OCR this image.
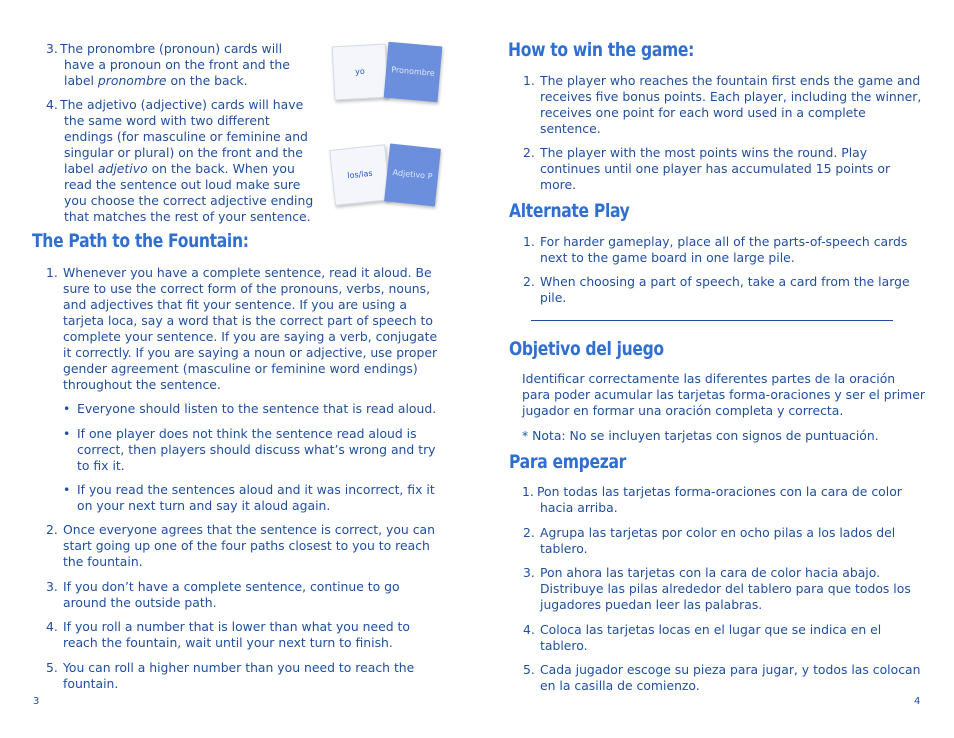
3. The pronombre (pronoun) cards will
have a pronoun on the front and the
label pronombre on the back.
4. The adjetivo (adjective) cards will have
the same word with two different
endings (for masculine or feminine and
singular or plural) on the front and the
label adjetivo on the back. When you
read the sentence out loud make sure
you choose the correct adjective ending
that matches the rest of your sentence.
yo	Pronombre
los/las Adjetivo P
The Path to the Fountain:
1. Whenever you have a complete sentence, read it aloud. Be
sure to use the correct form of the pronouns, verbs, nouns,
and adjectives that fit your sentence. If you are using a
tarjeta loca, say a word that is the correct part of speech to
complete your sentence. If you are saying a verb, conjugate
it correctly. If you are saying a noun or adjective, use proper
gender agreement (masculine or feminine word endings)
throughout the sentence.
• Everyone should listen to the sentence that is read aloud.
• If one player does not think the sentence read aloud is
correct, then players should discuss what’s wrong and try
to fix it.
• If you read the sentences aloud and it was incorrect, fix it
on your next turn and say it aloud again.
2. Once everyone agrees that the sentence is correct, you can
start going up one of the four paths closest to you to reach
the fountain.
3. If you don’t have a complete sentence, continue to go
around the outside path.
4. If you roll a number that is lower than what you need to
reach the fountain, wait until your next turn to finish.
5. You can roll a higher number than you need to reach the
fountain.
3
How to win the game:
1. The player who reaches the fountain first ends the game and
receives five bonus points. Each player, including the winner,
receives one point for each word used in a complete
sentence.
2. The player with the most points wins the round. Play
continues until one player has accumulated 15 points or
more.
Alternate Play
1. For harder gameplay, place all of the parts-of-speech cards
next to the game board in one large pile.
2. When choosing a part of speech, take a card from the large
pile.
Objetivo del juego
Identificar correctamente las diferentes partes de la oración
para poder acumular las tarjetas forma-oraciones y ser el primer
jugador en formar una oración completa y correcta.
* Nota: No se incluyen tarjetas con signos de puntuación.
Para empezar
1. Pon todas las tarjetas forma-oraciones con la cara de color
hacia arriba.
2. Agrupa las tarjetas por color en ocho pilas a los lados del
tablero.
3. Pon ahora las tarjetas con la cara de color hacia abajo.
Distribuye las pilas alrededor del tablero para que todos los
jugadores puedan leer las palabras.
4. Coloca las tarjetas locas en el lugar que se indica en el
tablero.
5. Cada jugador escoge su pieza para jugar, y todos las colocan
en la casilla de comienzo.
4
